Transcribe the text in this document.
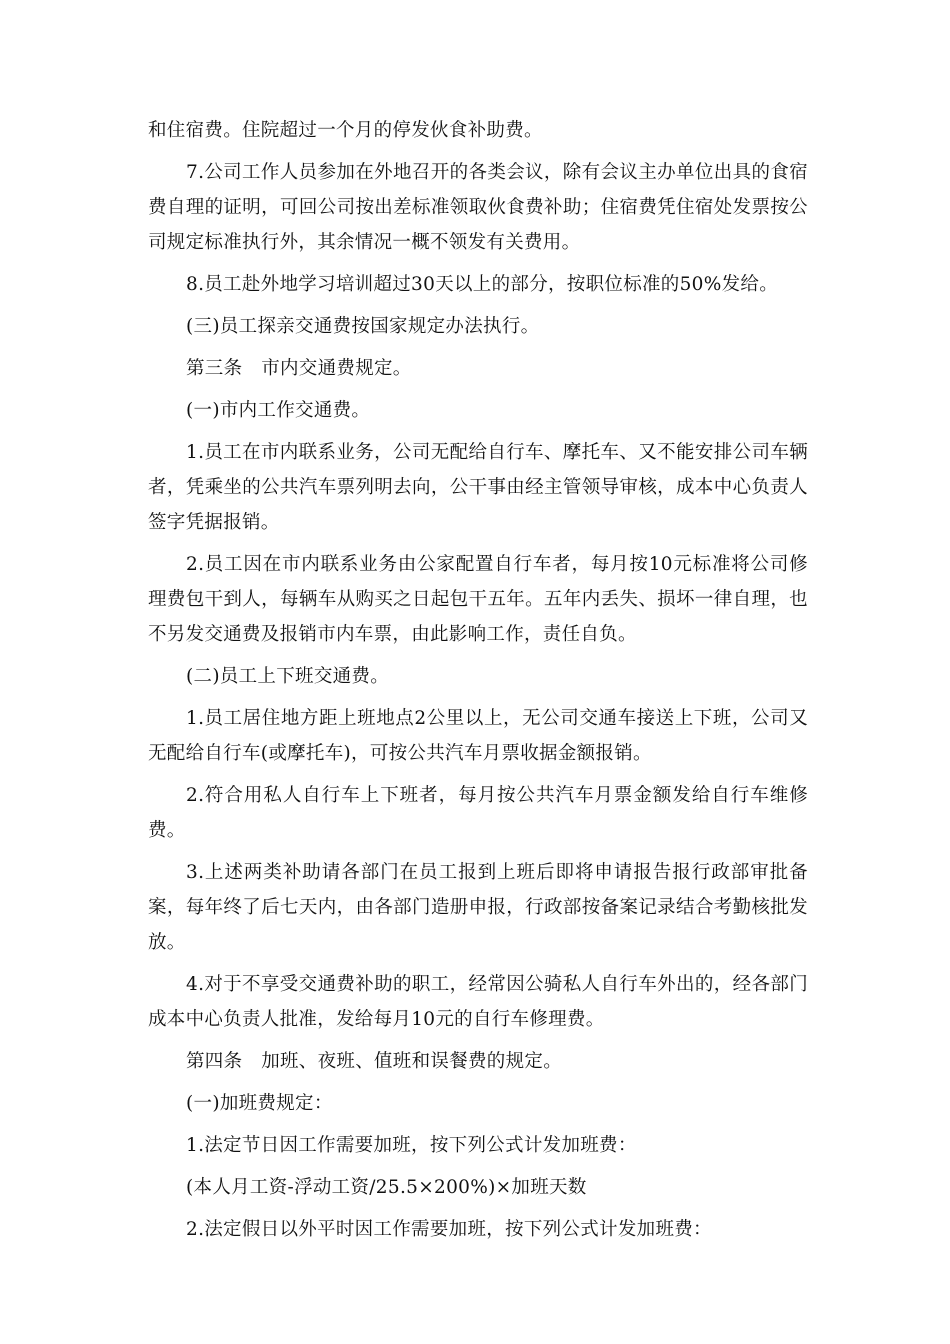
和住宿费。住院超过一个月的停发伙食补助费。

7.公司工作人员参加在外地召开的各类会议，除有会议主办单位出具的食宿费自理的证明，可回公司按出差标准领取伙食费补助；住宿费凭住宿处发票按公司规定标准执行外，其余情况一概不领发有关费用。

8.员工赴外地学习培训超过30天以上的部分，按职位标准的50%发给。

(三)员工探亲交通费按国家规定办法执行。

第三条　市内交通费规定。

(一)市内工作交通费。

1.员工在市内联系业务，公司无配给自行车、摩托车、又不能安排公司车辆者，凭乘坐的公共汽车票列明去向，公干事由经主管领导审核，成本中心负责人签字凭据报销。

2.员工因在市内联系业务由公家配置自行车者，每月按10元标准将公司修理费包干到人，每辆车从购买之日起包干五年。五年内丢失、损坏一律自理，也不另发交通费及报销市内车票，由此影响工作，责任自负。

(二)员工上下班交通费。

1.员工居住地方距上班地点2公里以上，无公司交通车接送上下班，公司又无配给自行车(或摩托车)，可按公共汽车月票收据金额报销。

2.符合用私人自行车上下班者，每月按公共汽车月票金额发给自行车维修费。

3.上述两类补助请各部门在员工报到上班后即将申请报告报行政部审批备案，每年终了后七天内，由各部门造册申报，行政部按备案记录结合考勤核批发放。

4.对于不享受交通费补助的职工，经常因公骑私人自行车外出的，经各部门成本中心负责人批准，发给每月10元的自行车修理费。

第四条　加班、夜班、值班和误餐费的规定。

(一)加班费规定：

1.法定节日因工作需要加班，按下列公式计发加班费：

(本人月工资-浮动工资/25.5×200%)×加班天数

2.法定假日以外平时因工作需要加班，按下列公式计发加班费：
